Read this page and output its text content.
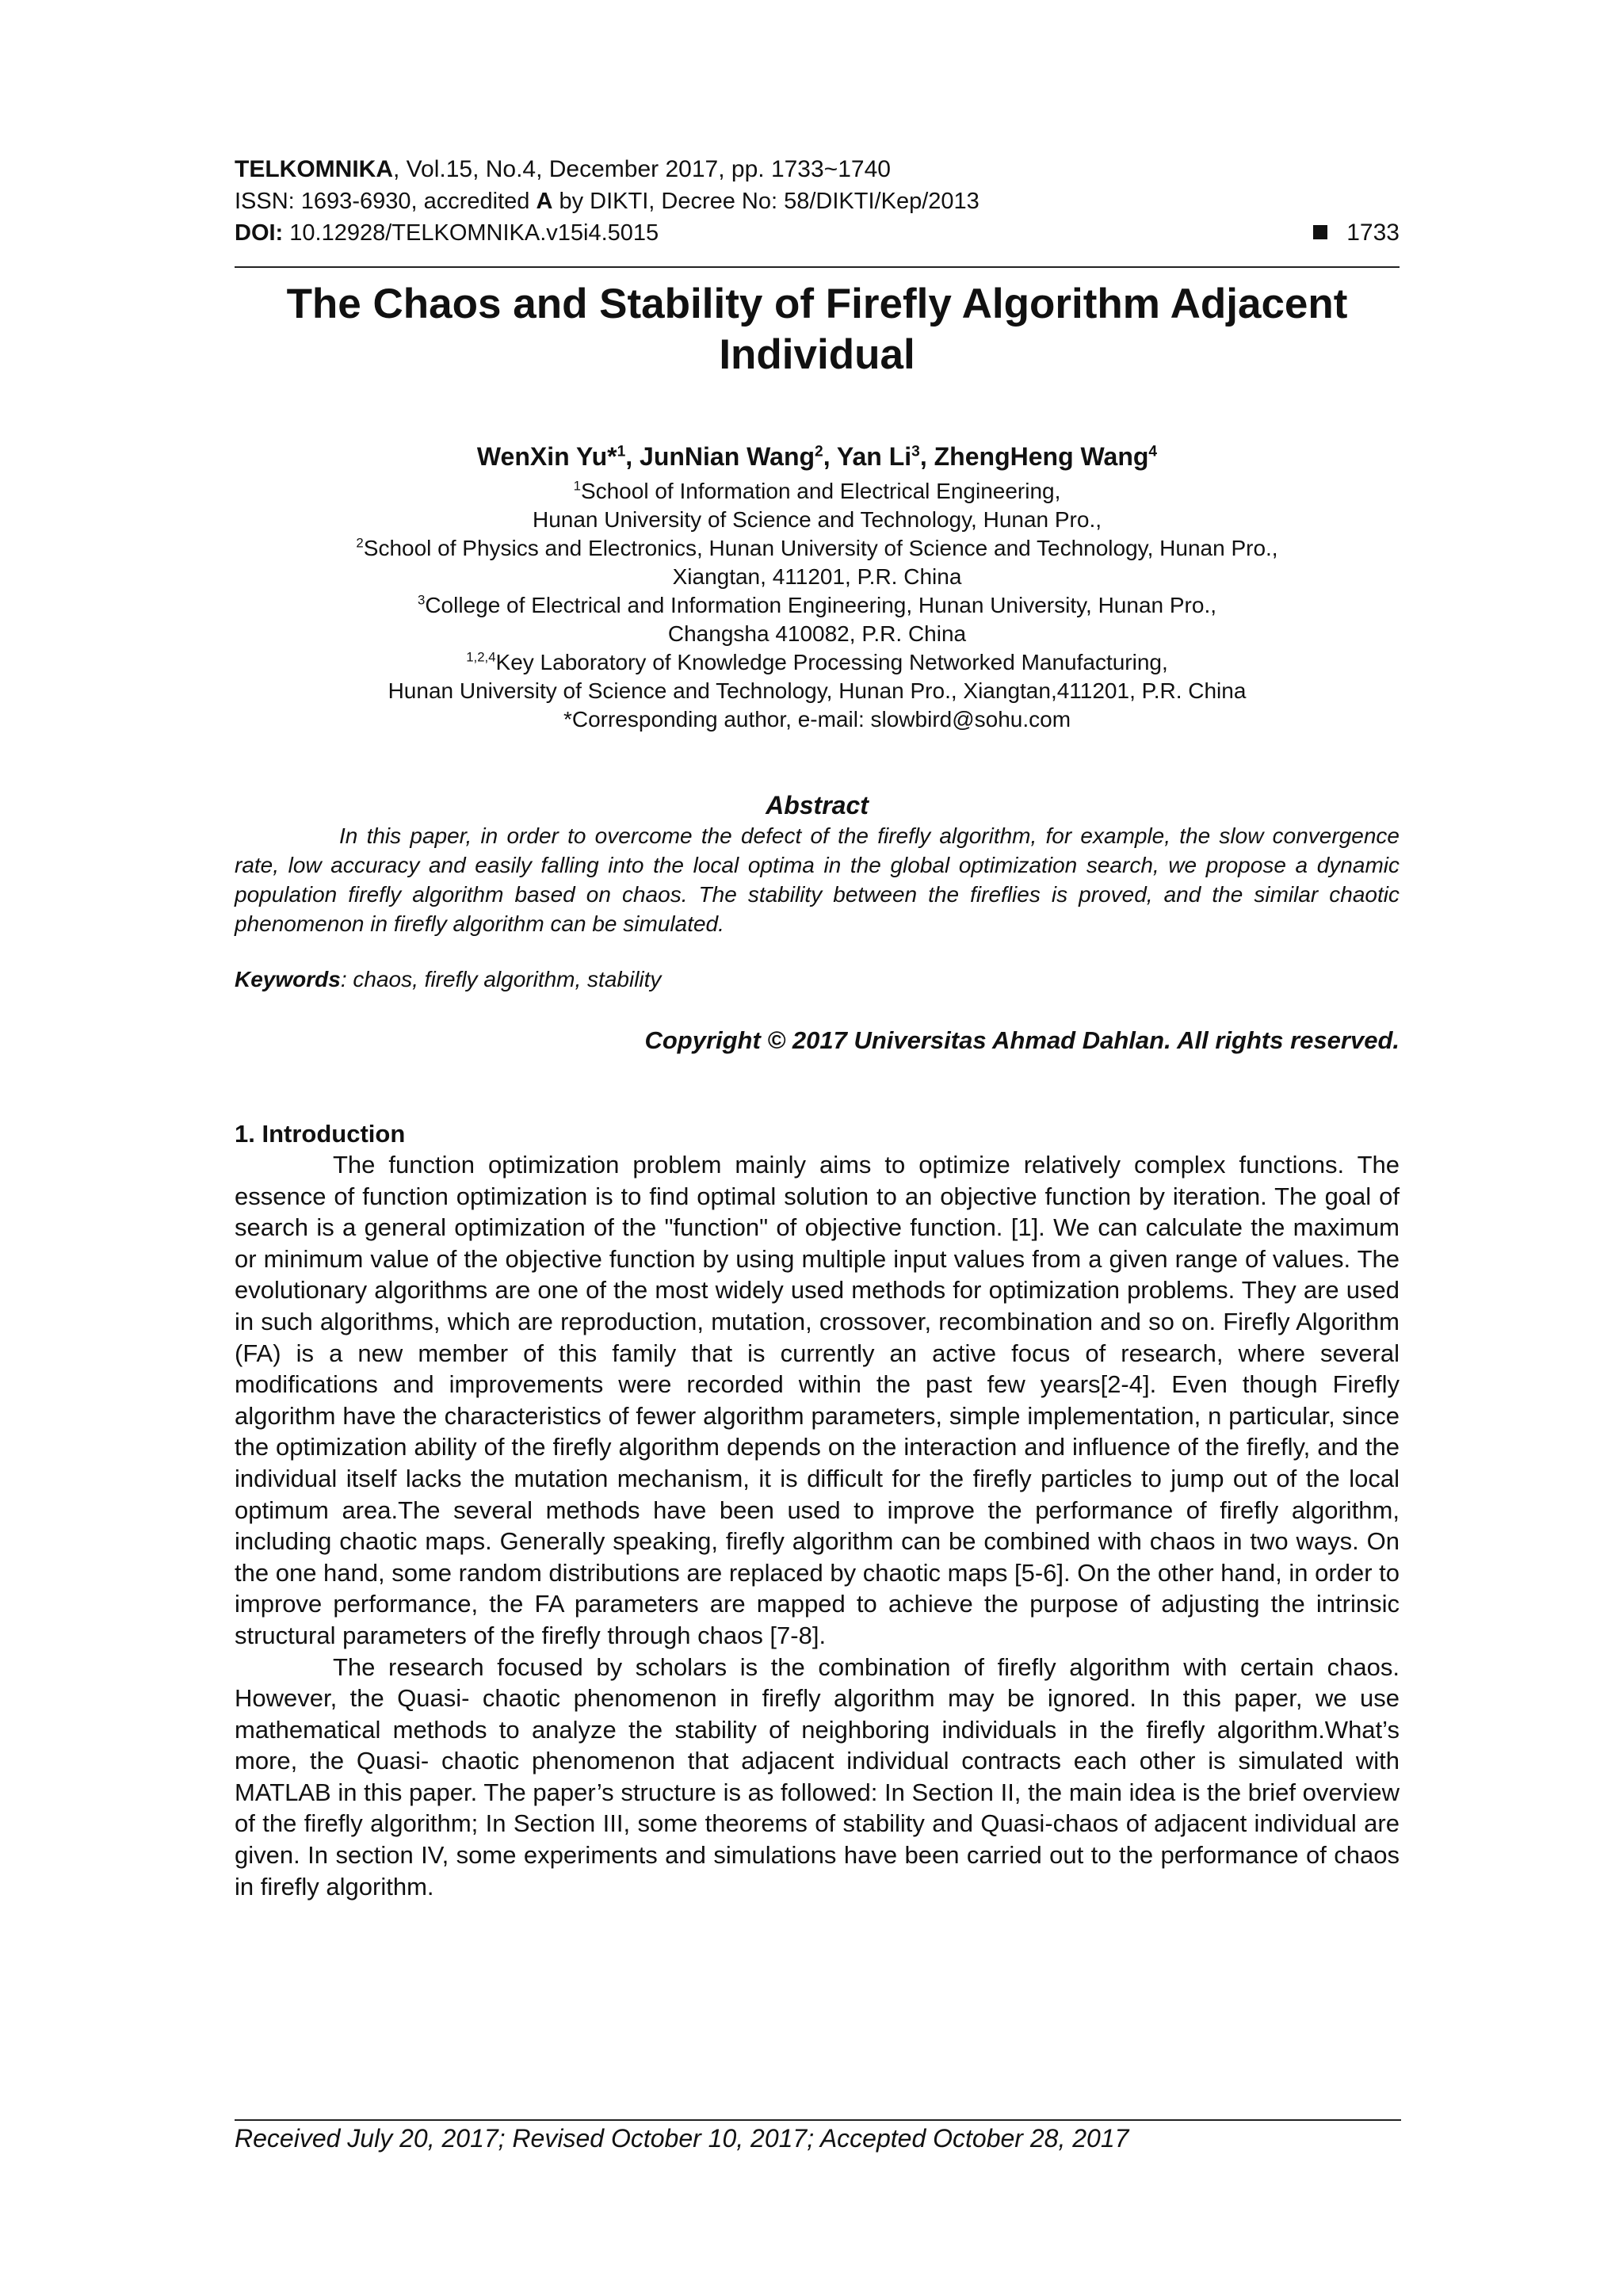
TELKOMNIKA, Vol.15, No.4, December 2017, pp. 1733~1740
ISSN: 1693-6930, accredited A by DIKTI, Decree No: 58/DIKTI/Kep/2013
DOI: 10.12928/TELKOMNIKA.v15i4.5015	1733
The Chaos and Stability of Firefly Algorithm Adjacent
Individual
WenXin Yu*$^1$, JunNian Wang$^2$, Yan Li$^3$, ZhengHeng Wang$^4$
$^1$School of Information and Electrical Engineering,
Hunan University of Science and Technology, Hunan Pro.,
$^2$School of Physics and Electronics, Hunan University of Science and Technology, Hunan Pro.,
Xiangtan, 411201, P.R. China
$^3$College of Electrical and Information Engineering, Hunan University, Hunan Pro.,
Changsha 410082, P.R. China
$^{1,2,4}$Key Laboratory of Knowledge Processing Networked Manufacturing,
Hunan University of Science and Technology, Hunan Pro., Xiangtan,411201, P.R. China
*Corresponding author, e-mail: slowbird@sohu.com
Abstract
In this paper, in order to overcome the defect of the firefly algorithm, for example, the slow convergence rate, low accuracy and easily falling into the local optima in the global optimization search, we propose a dynamic population firefly algorithm based on chaos. The stability between the fireflies is proved, and the similar chaotic phenomenon in firefly algorithm can be simulated.
Keywords: chaos, firefly algorithm, stability
Copyright © 2017 Universitas Ahmad Dahlan. All rights reserved.
1. Introduction

The function optimization problem mainly aims to optimize relatively complex functions. The essence of function optimization is to find optimal solution to an objective function by iteration. The goal of search is a general optimization of the "function" of objective function. [1]. We can calculate the maximum or minimum value of the objective function by using multiple input values from a given range of values. The evolutionary algorithms are one of the most widely used methods for optimization problems. They are used in such algorithms, which are reproduction, mutation, crossover, recombination and so on. Firefly Algorithm (FA) is a new member of this family that is currently an active focus of research, where several modifications and improvements were recorded within the past few years[2-4]. Even though Firefly algorithm have the characteristics of fewer algorithm parameters, simple implementation, n particular, since the optimization ability of the firefly algorithm depends on the interaction and influence of the firefly, and the individual itself lacks the mutation mechanism, it is difficult for the firefly particles to jump out of the local optimum area.The several methods have been used to improve the performance of firefly algorithm, including chaotic maps. Generally speaking, firefly algorithm can be combined with chaos in two ways. On the one hand, some random distributions are replaced by chaotic maps [5-6]. On the other hand, in order to improve performance, the FA parameters are mapped to achieve the purpose of adjusting the intrinsic structural parameters of the firefly through chaos [7-8].

The research focused by scholars is the combination of firefly algorithm with certain chaos. However, the Quasi- chaotic phenomenon in firefly algorithm may be ignored. In this paper, we use mathematical methods to analyze the stability of neighboring individuals in the firefly algorithm.What’s more, the Quasi- chaotic phenomenon that adjacent individual contracts each other is simulated with MATLAB in this paper. The paper’s structure is as followed: In Section II, the main idea is the brief overview of the firefly algorithm; In Section III, some theorems of stability and Quasi-chaos of adjacent individual are given. In section IV, some experiments and simulations have been carried out to the performance of chaos in firefly algorithm.

Received July 20, 2017; Revised October 10, 2017; Accepted October 28, 2017
